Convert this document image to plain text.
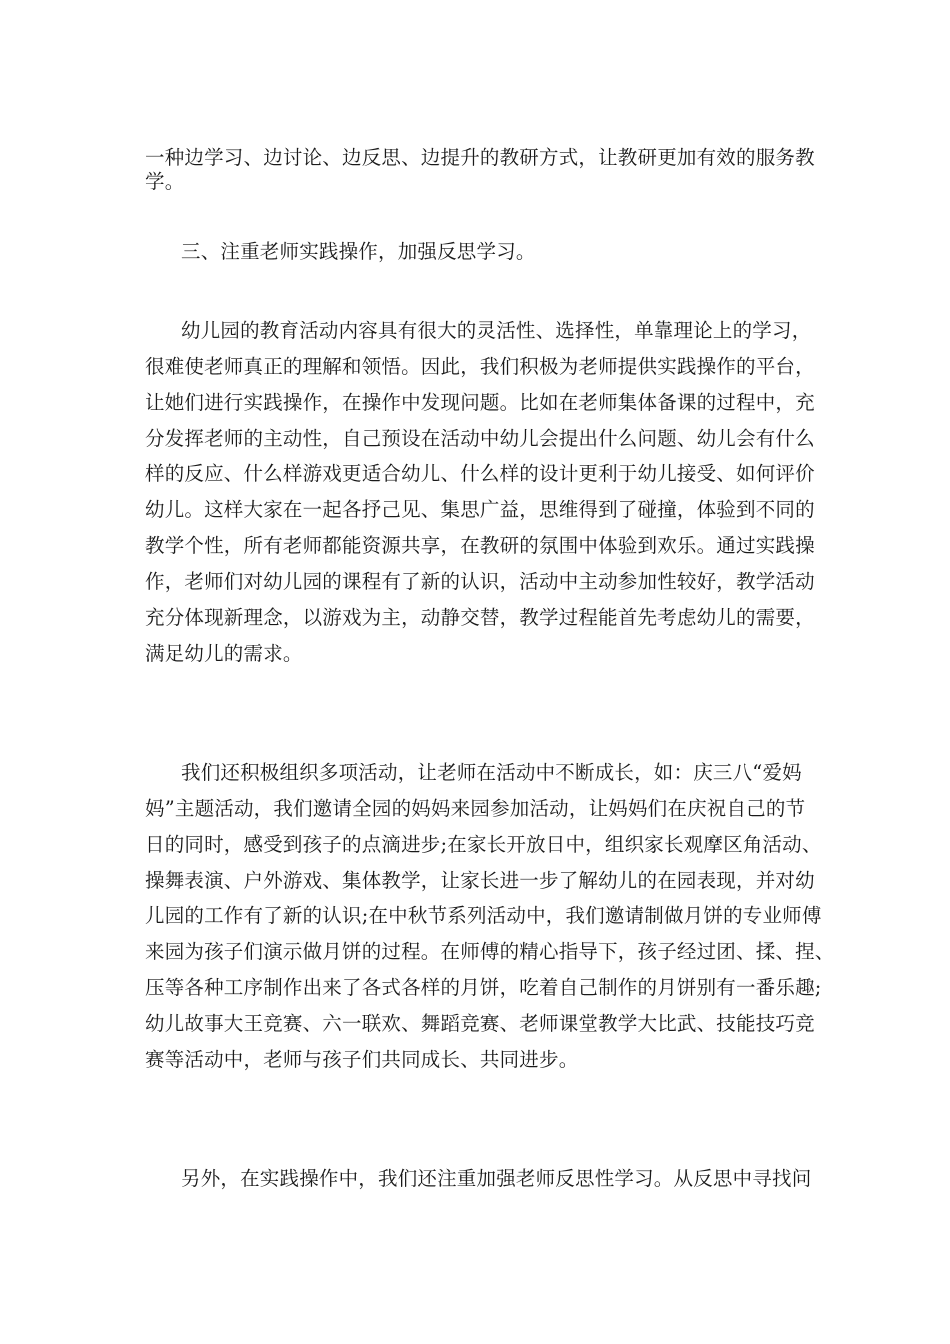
一种边学习、边讨论、边反思、边提升的教研方式，让教研更加有效的服务教
学。
三、注重老师实践操作，加强反思学习。
幼儿园的教育活动内容具有很大的灵活性、选择性，单靠理论上的学习，
很难使老师真正的理解和领悟。因此，我们积极为老师提供实践操作的平台，
让她们进行实践操作，在操作中发现问题。比如在老师集体备课的过程中，充
分发挥老师的主动性，自己预设在活动中幼儿会提出什么问题、幼儿会有什么
样的反应、什么样游戏更适合幼儿、什么样的设计更利于幼儿接受、如何评价
幼儿。这样大家在一起各抒己见、集思广益，思维得到了碰撞，体验到不同的
教学个性，所有老师都能资源共享，在教研的氛围中体验到欢乐。通过实践操
作，老师们对幼儿园的课程有了新的认识，活动中主动参加性较好，教学活动
充分体现新理念，以游戏为主，动静交替，教学过程能首先考虑幼儿的需要，
满足幼儿的需求。
我们还积极组织多项活动，让老师在活动中不断成长，如：庆三八“爱妈
妈”主题活动，我们邀请全园的妈妈来园参加活动，让妈妈们在庆祝自己的节
日的同时，感受到孩子的点滴进步;在家长开放日中，组织家长观摩区角活动、
操舞表演、户外游戏、集体教学，让家长进一步了解幼儿的在园表现，并对幼
儿园的工作有了新的认识;在中秋节系列活动中，我们邀请制做月饼的专业师傅
来园为孩子们演示做月饼的过程。在师傅的精心指导下，孩子经过团、揉、捏、
压等各种工序制作出来了各式各样的月饼，吃着自己制作的月饼别有一番乐趣;
幼儿故事大王竞赛、六一联欢、舞蹈竞赛、老师课堂教学大比武、技能技巧竞
赛等活动中，老师与孩子们共同成长、共同进步。
另外，在实践操作中，我们还注重加强老师反思性学习。从反思中寻找问
